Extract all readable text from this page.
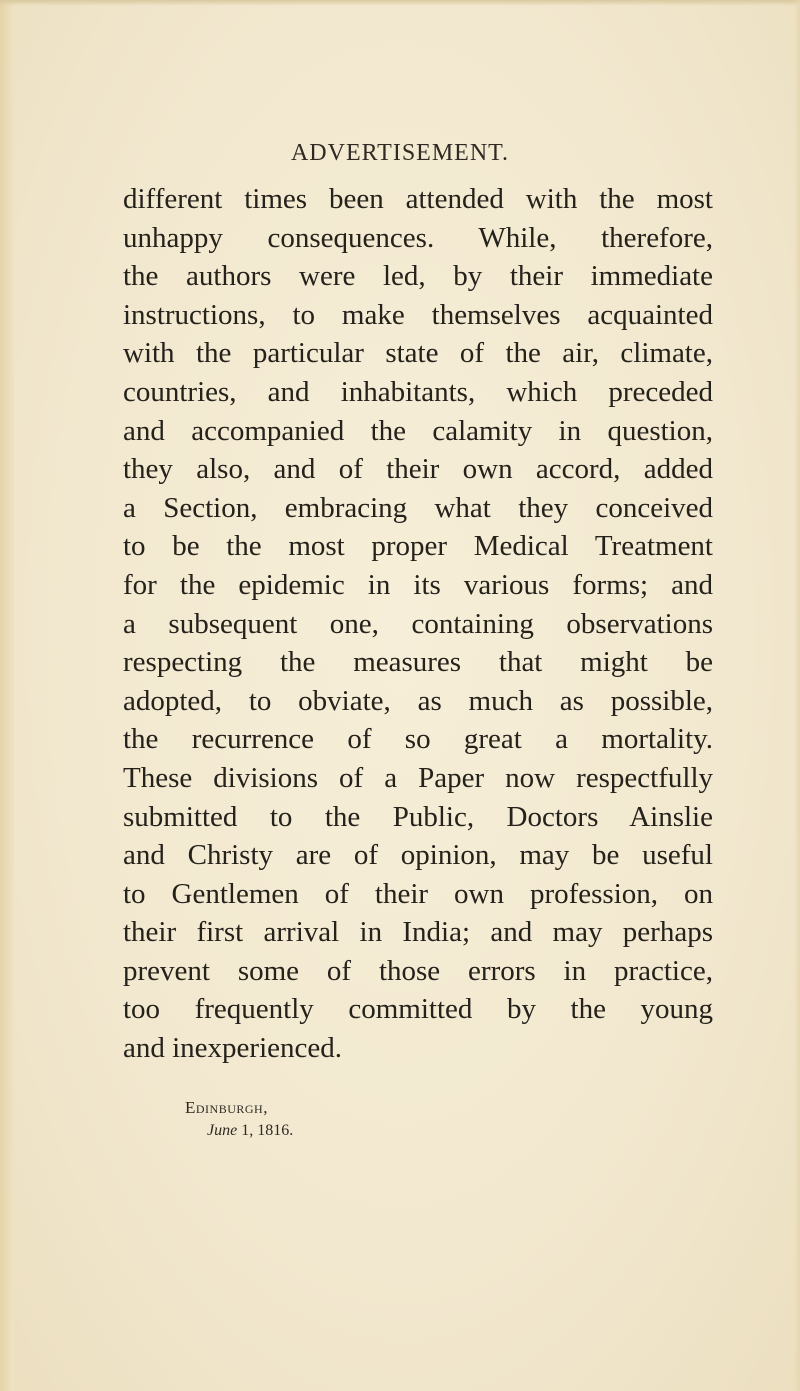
ADVERTISEMENT.
different times been attended with the most
unhappy consequences. While, therefore,
the authors were led, by their immediate
instructions, to make themselves acquainted
with the particular state of the air, climate,
countries, and inhabitants, which preceded
and accompanied the calamity in question,
they also, and of their own accord, added
a Section, embracing what they conceived
to be the most proper Medical Treatment
for the epidemic in its various forms; and
a subsequent one, containing observations
respecting the measures that might be
adopted, to obviate, as much as possible,
the recurrence of so great a mortality.
These divisions of a Paper now respectfully
submitted to the Public, Doctors Ainslie
and Christy are of opinion, may be useful
to Gentlemen of their own profession, on
their first arrival in India; and may perhaps
prevent some of those errors in practice,
too frequently committed by the young
and inexperienced.
Edinburgh,
June 1, 1816.
